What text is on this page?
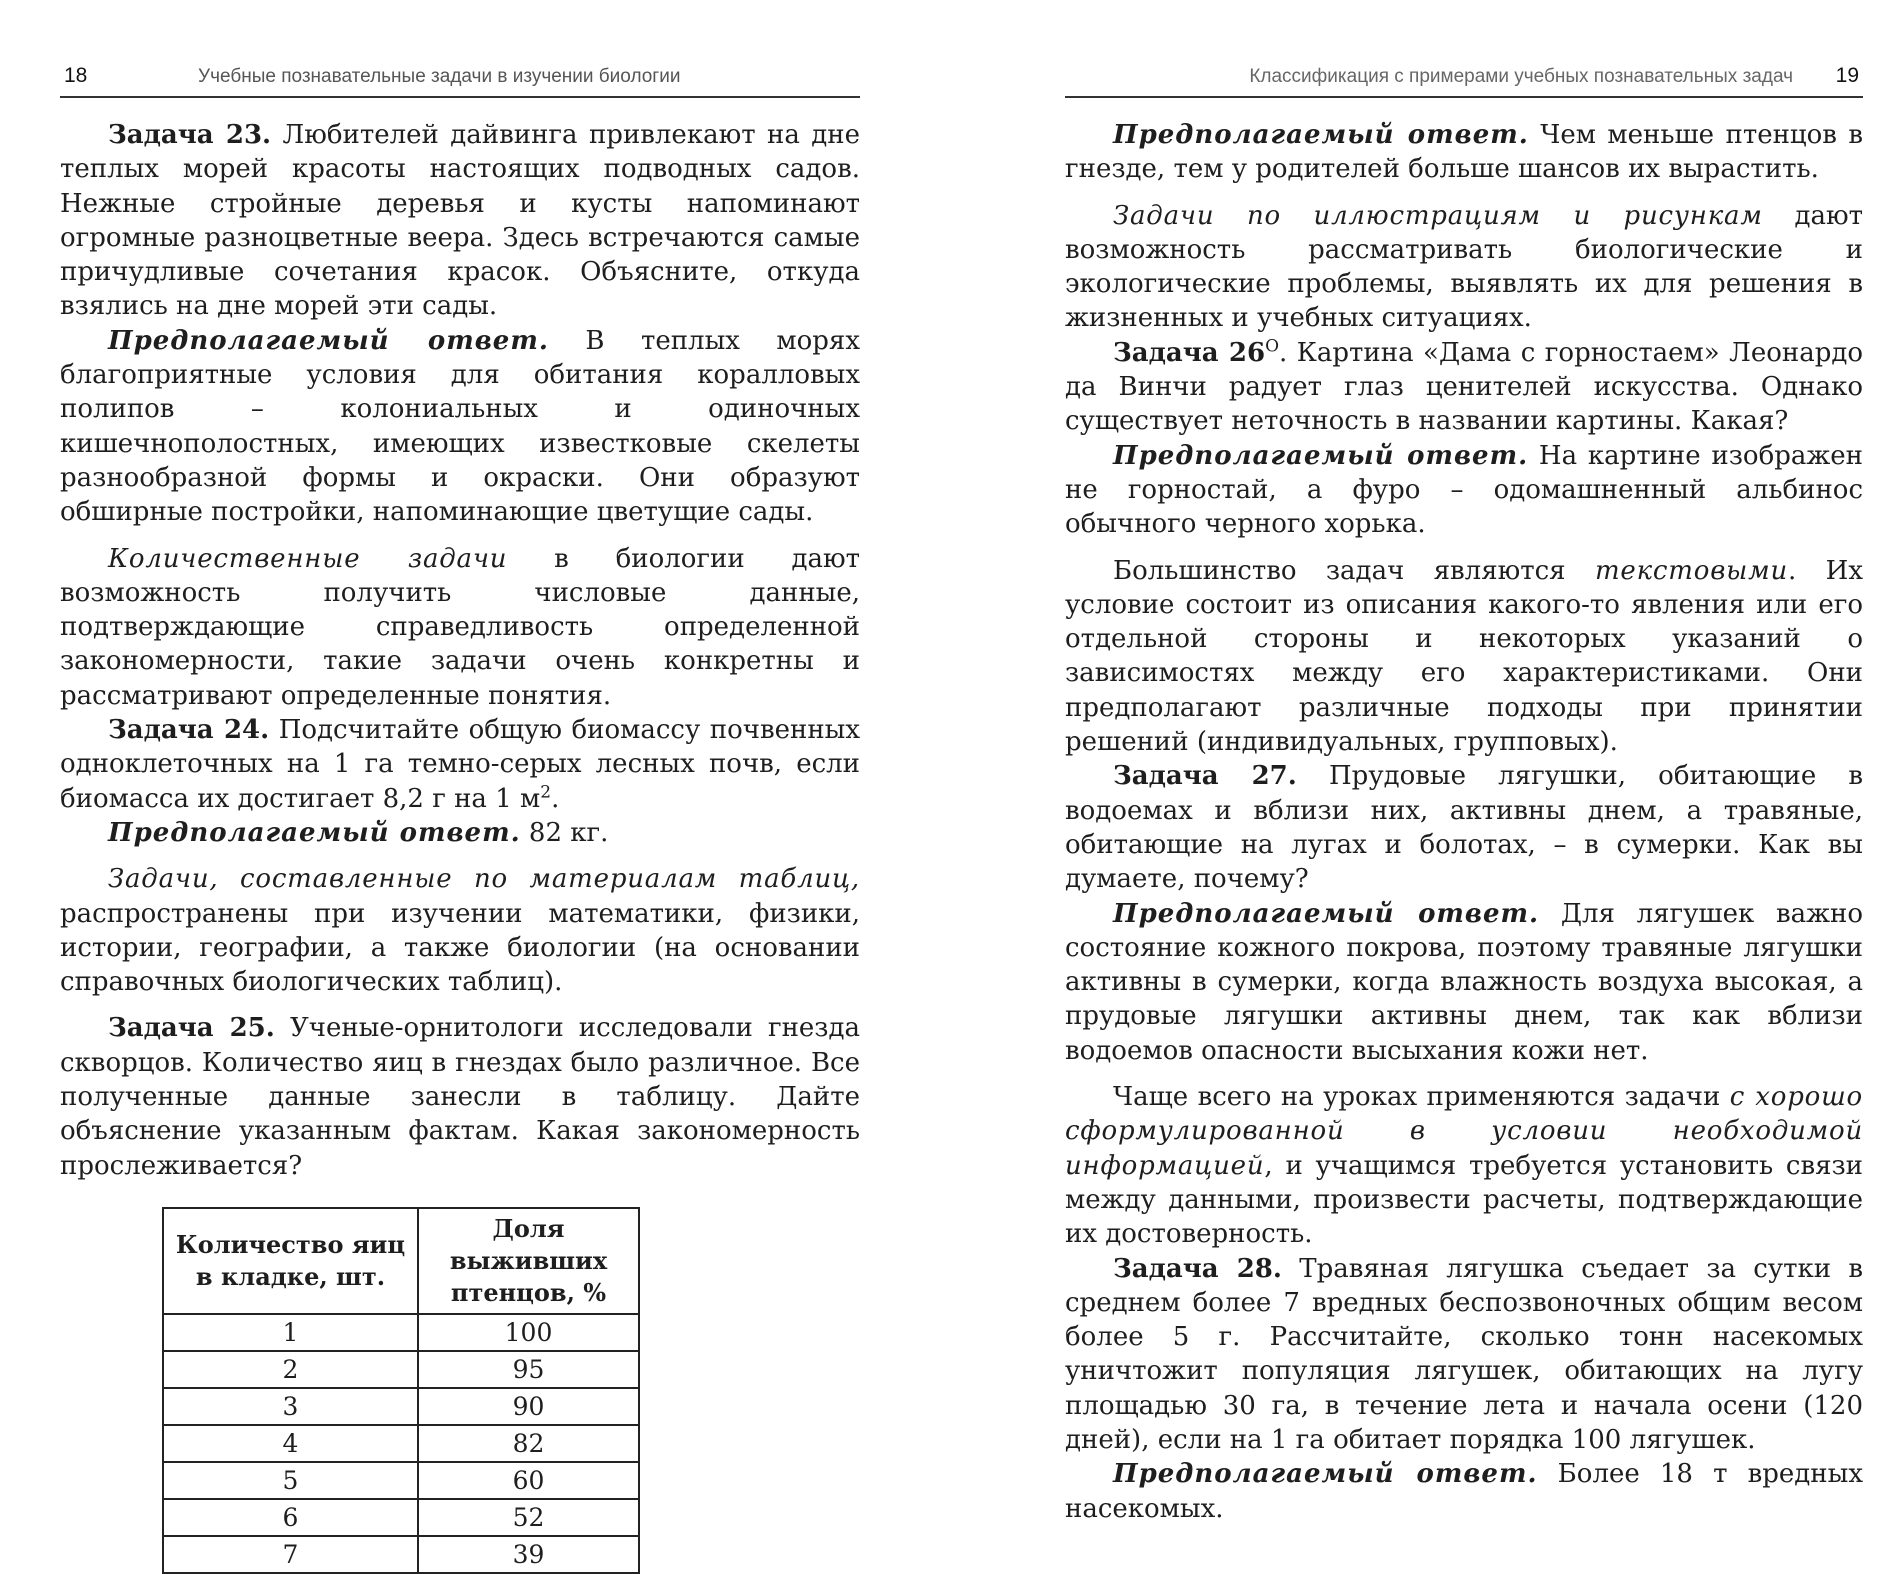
18	Учебные познавательные задачи в изучении биологии

Задача 23. Любителей дайвинга привлекают на дне теплых морей красоты настоящих подводных садов. Нежные стройные деревья и кусты напоминают огромные разноцветные веера. Здесь встречаются самые причудливые сочетания красок. Объясните, откуда взялись на дне морей эти сады.

Предполагаемый ответ. В теплых морях благоприятные условия для обитания коралловых полипов – колониальных и одиночных кишечнополостных, имеющих известковые скелеты разнообразной формы и окраски. Они образуют обширные постройки, напоминающие цветущие сады.

Количественные задачи в биологии дают возможность получить числовые данные, подтверждающие справедливость определенной закономерности, такие задачи очень конкретны и рассматривают определенные понятия.

Задача 24. Подсчитайте общую биомассу почвенных одноклеточных на 1 га темно-серых лесных почв, если биомасса их достигает 8,2 г на 1 $м^2$.

Предполагаемый ответ. 82 кг.

Задачи, составленные по материалам таблиц, распространены при изучении математики, физики, истории, географии, а также биологии (на основании справочных биологических таблиц).

Задача 25. Ученые-орнитологи исследовали гнезда скворцов. Количество яиц в гнездах было различное. Все полученные данные занесли в таблицу. Дайте объяснение указанным фактам. Какая закономерность прослеживается?

Количество яиц в кладке, шт.	Доля выживших птенцов, %
1	100
2	95
3	90
4	82
5	60
6	52
7	39
Классификация с примерами учебных познавательных задач 19

Предполагаемый ответ. Чем меньше птенцов в гнезде, тем у родителей больше шансов их вырастить.

Задачи по иллюстрациям и рисункам дают возможность рассматривать биологические и экологические проблемы, выявлять их для решения в жизненных и учебных ситуациях.

Задача $26^О$. Картина «Дама с горностаем» Леонардо да Винчи радует глаз ценителей искусства. Однако существует неточность в названии картины. Какая?

Предполагаемый ответ. На картине изображен не горностай, а фуро – одомашненный альбинос обычного черного хорька.

Большинство задач являются текстовыми. Их условие состоит из описания какого-то явления или его отдельной стороны и некоторых указаний о зависимостях между его характеристиками. Они предполагают различные подходы при принятии решений (индивидуальных, групповых).

Задача 27. Прудовые лягушки, обитающие в водоемах и вблизи них, активны днем, а травяные, обитающие на лугах и болотах, – в сумерки. Как вы думаете, почему?

Предполагаемый ответ. Для лягушек важно состояние кожного покрова, поэтому травяные лягушки активны в сумерки, когда влажность воздуха высокая, а прудовые лягушки активны днем, так как вблизи водоемов опасности высыхания кожи нет.

Чаще всего на уроках применяются задачи с хорошо сформулированной в условии необходимой информацией, и учащимся требуется установить связи между данными, произвести расчеты, подтверждающие их достоверность.

Задача 28. Травяная лягушка съедает за сутки в среднем более 7 вредных беспозвоночных общим весом более 5 г. Рассчитайте, сколько тонн насекомых уничтожит популяция лягушек, обитающих на лугу площадью 30 га, в течение лета и начала осени (120 дней), если на 1 га обитает порядка 100 лягушек.

Предполагаемый ответ. Более 18 т вредных насекомых.
